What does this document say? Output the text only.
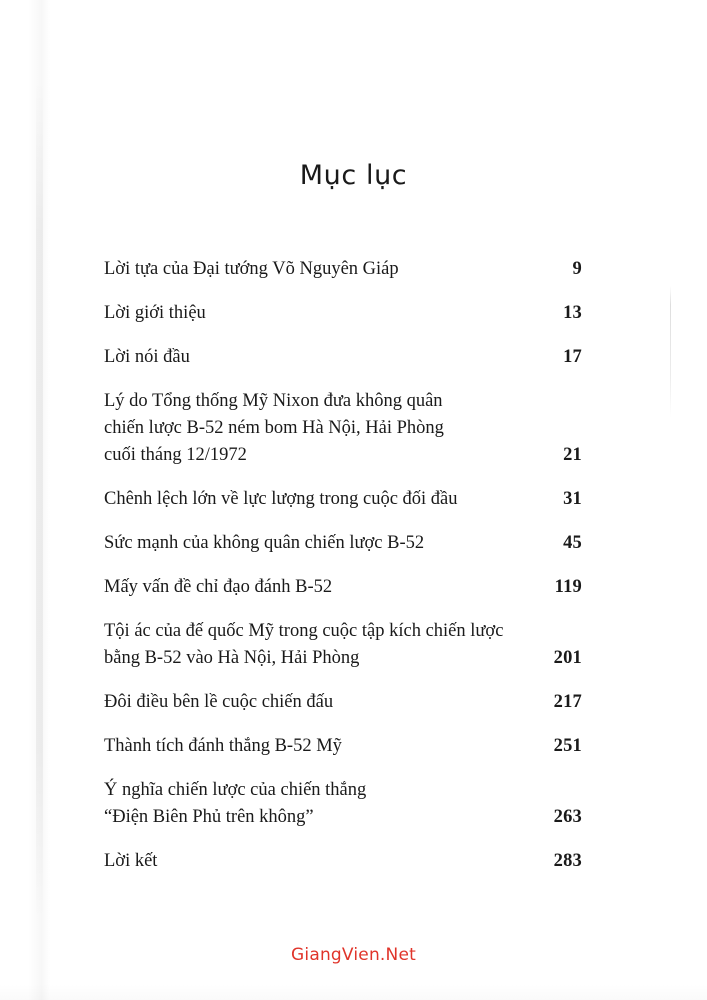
Mục lục
Lời tựa của Đại tướng Võ Nguyên Giáp	9
Lời giới thiệu	13
Lời nói đầu	17
Lý do Tổng thống Mỹ Nixon đưa không quân
chiến lược B-52 ném bom Hà Nội, Hải Phòng
cuối tháng 12/1972	21
Chênh lệch lớn về lực lượng trong cuộc đối đầu	31
Sức mạnh của không quân chiến lược B-52	45
Mấy vấn đề chỉ đạo đánh B-52	119
Tội ác của đế quốc Mỹ trong cuộc tập kích chiến lược
bằng B-52 vào Hà Nội, Hải Phòng	201
Đôi điều bên lề cuộc chiến đấu	217
Thành tích đánh thắng B-52 Mỹ	251
Ý nghĩa chiến lược của chiến thắng
“Điện Biên Phủ trên không”	263
Lời kết	283
GiangVien.Net
